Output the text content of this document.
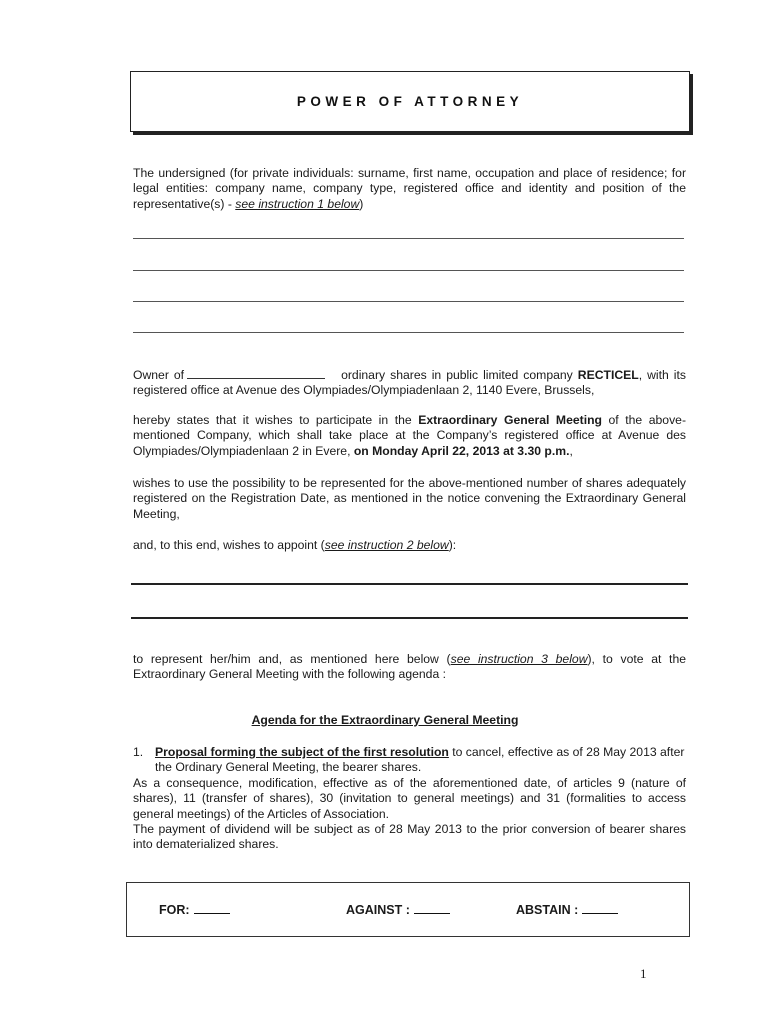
POWER OF ATTORNEY

The undersigned (for private individuals: surname, first name, occupation and place of residence; for legal entities: company name, company type, registered office and identity and position of the representative(s) - see instruction 1 below)

Owner of	ordinary shares in public limited company RECTICEL, with its registered office at Avenue des Olympiades/Olympiadenlaan 2, 1140 Evere, Brussels,

hereby states that it wishes to participate in the Extraordinary General Meeting of the above-mentioned Company, which shall take place at the Company’s registered office at Avenue des Olympiades/Olympiadenlaan 2 in Evere, on Monday April 22, 2013 at 3.30 p.m.,

wishes to use the possibility to be represented for the above-mentioned number of shares adequately registered on the Registration Date, as mentioned in the notice convening the Extraordinary General Meeting,

and, to this end, wishes to appoint (see instruction 2 below):

to represent her/him and, as mentioned here below (see instruction 3 below), to vote at the Extraordinary General Meeting with the following agenda :

Agenda for the Extraordinary General Meeting
1. Proposal forming the subject of the first resolution to cancel, effective as of 28 May 2013 after the Ordinary General Meeting, the bearer shares.
As a consequence, modification, effective as of the aforementioned date, of articles 9 (nature of shares), 11 (transfer of shares), 30 (invitation to general meetings) and 31 (formalities to access general meetings) of the Articles of Association.
The payment of dividend will be subject as of 28 May 2013 to the prior conversion of bearer shares into dematerialized shares.
FOR:	AGAINST :	ABSTAIN :
1
